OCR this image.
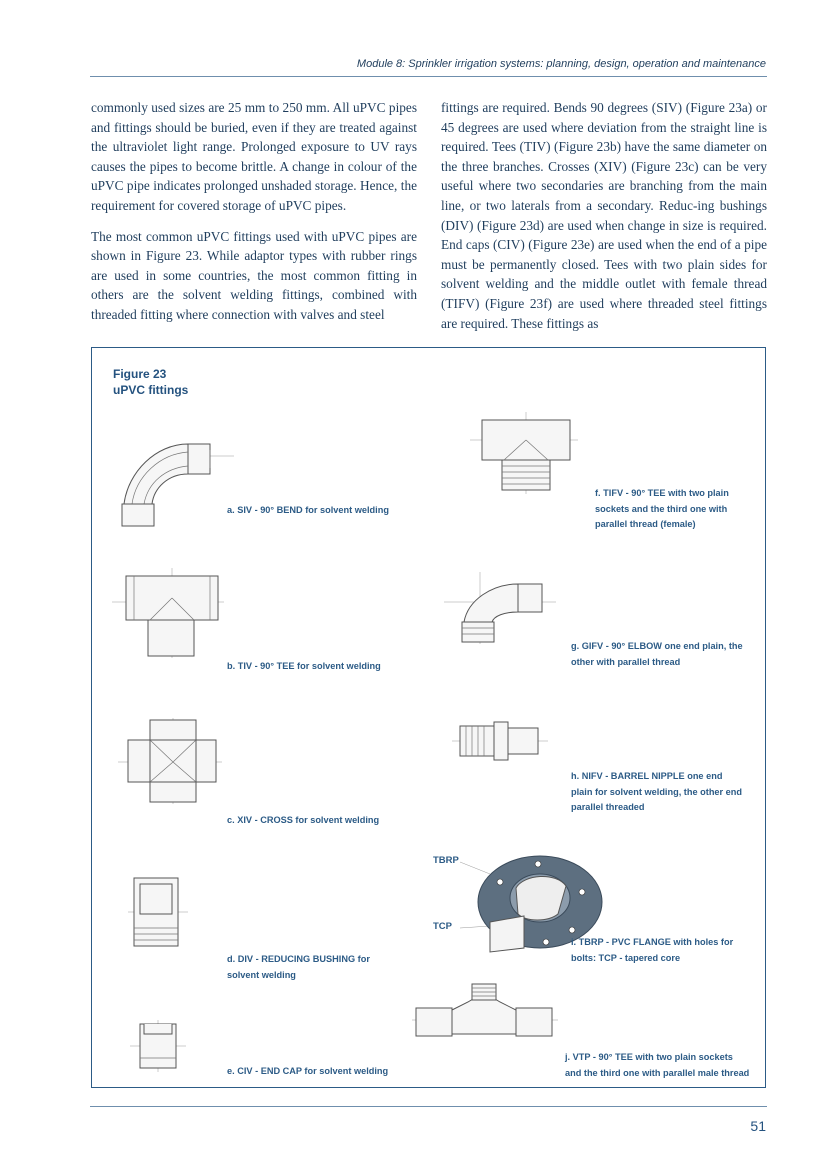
Module 8: Sprinkler irrigation systems: planning, design, operation and maintenance

commonly used sizes are 25 mm to 250 mm. All uPVC pipes and fittings should be buried, even if they are treated against the ultraviolet light range. Prolonged exposure to UV rays causes the pipes to become brittle. A change in colour of the uPVC pipe indicates prolonged unshaded storage. Hence, the requirement for covered storage of uPVC pipes.

The most common uPVC fittings used with uPVC pipes are shown in Figure 23. While adaptor types with rubber rings are used in some countries, the most common fitting in others are the solvent welding fittings, combined with threaded fitting where connection with valves and steel

fittings are required. Bends 90 degrees (SIV) (Figure 23a) or 45 degrees are used where deviation from the straight line is required. Tees (TIV) (Figure 23b) have the same diameter on the three branches. Crosses (XIV) (Figure 23c) can be very useful where two secondaries are branching from the main line, or two laterals from a secondary. Reduc-ing bushings (DIV) (Figure 23d) are used when change in size is required. End caps (CIV) (Figure 23e) are used when the end of a pipe must be permanently closed. Tees with two plain sides for solvent welding and the middle outlet with female thread (TIFV) (Figure 23f) are used where threaded steel fittings are required. These fittings as

Figure 23
uPVC fittings
a. SIV - 90° BEND for solvent welding
b. TIV - 90° TEE for solvent welding
c. XIV - CROSS for solvent welding
d. DIV - REDUCING BUSHING for
solvent welding
e. CIV - END CAP for solvent welding
f. TIFV - 90° TEE with two plain
sockets and the third one with
parallel thread (female)
g. GIFV - 90° ELBOW one end plain, the
other with parallel thread
h. NIFV - BARREL NIPPLE one end
plain for solvent welding, the other end
parallel threaded
TBRP
TCP
i. TBRP - PVC FLANGE with holes for
bolts: TCP - tapered core
j. VTP - 90° TEE with two plain sockets
and the third one with parallel male thread
51
